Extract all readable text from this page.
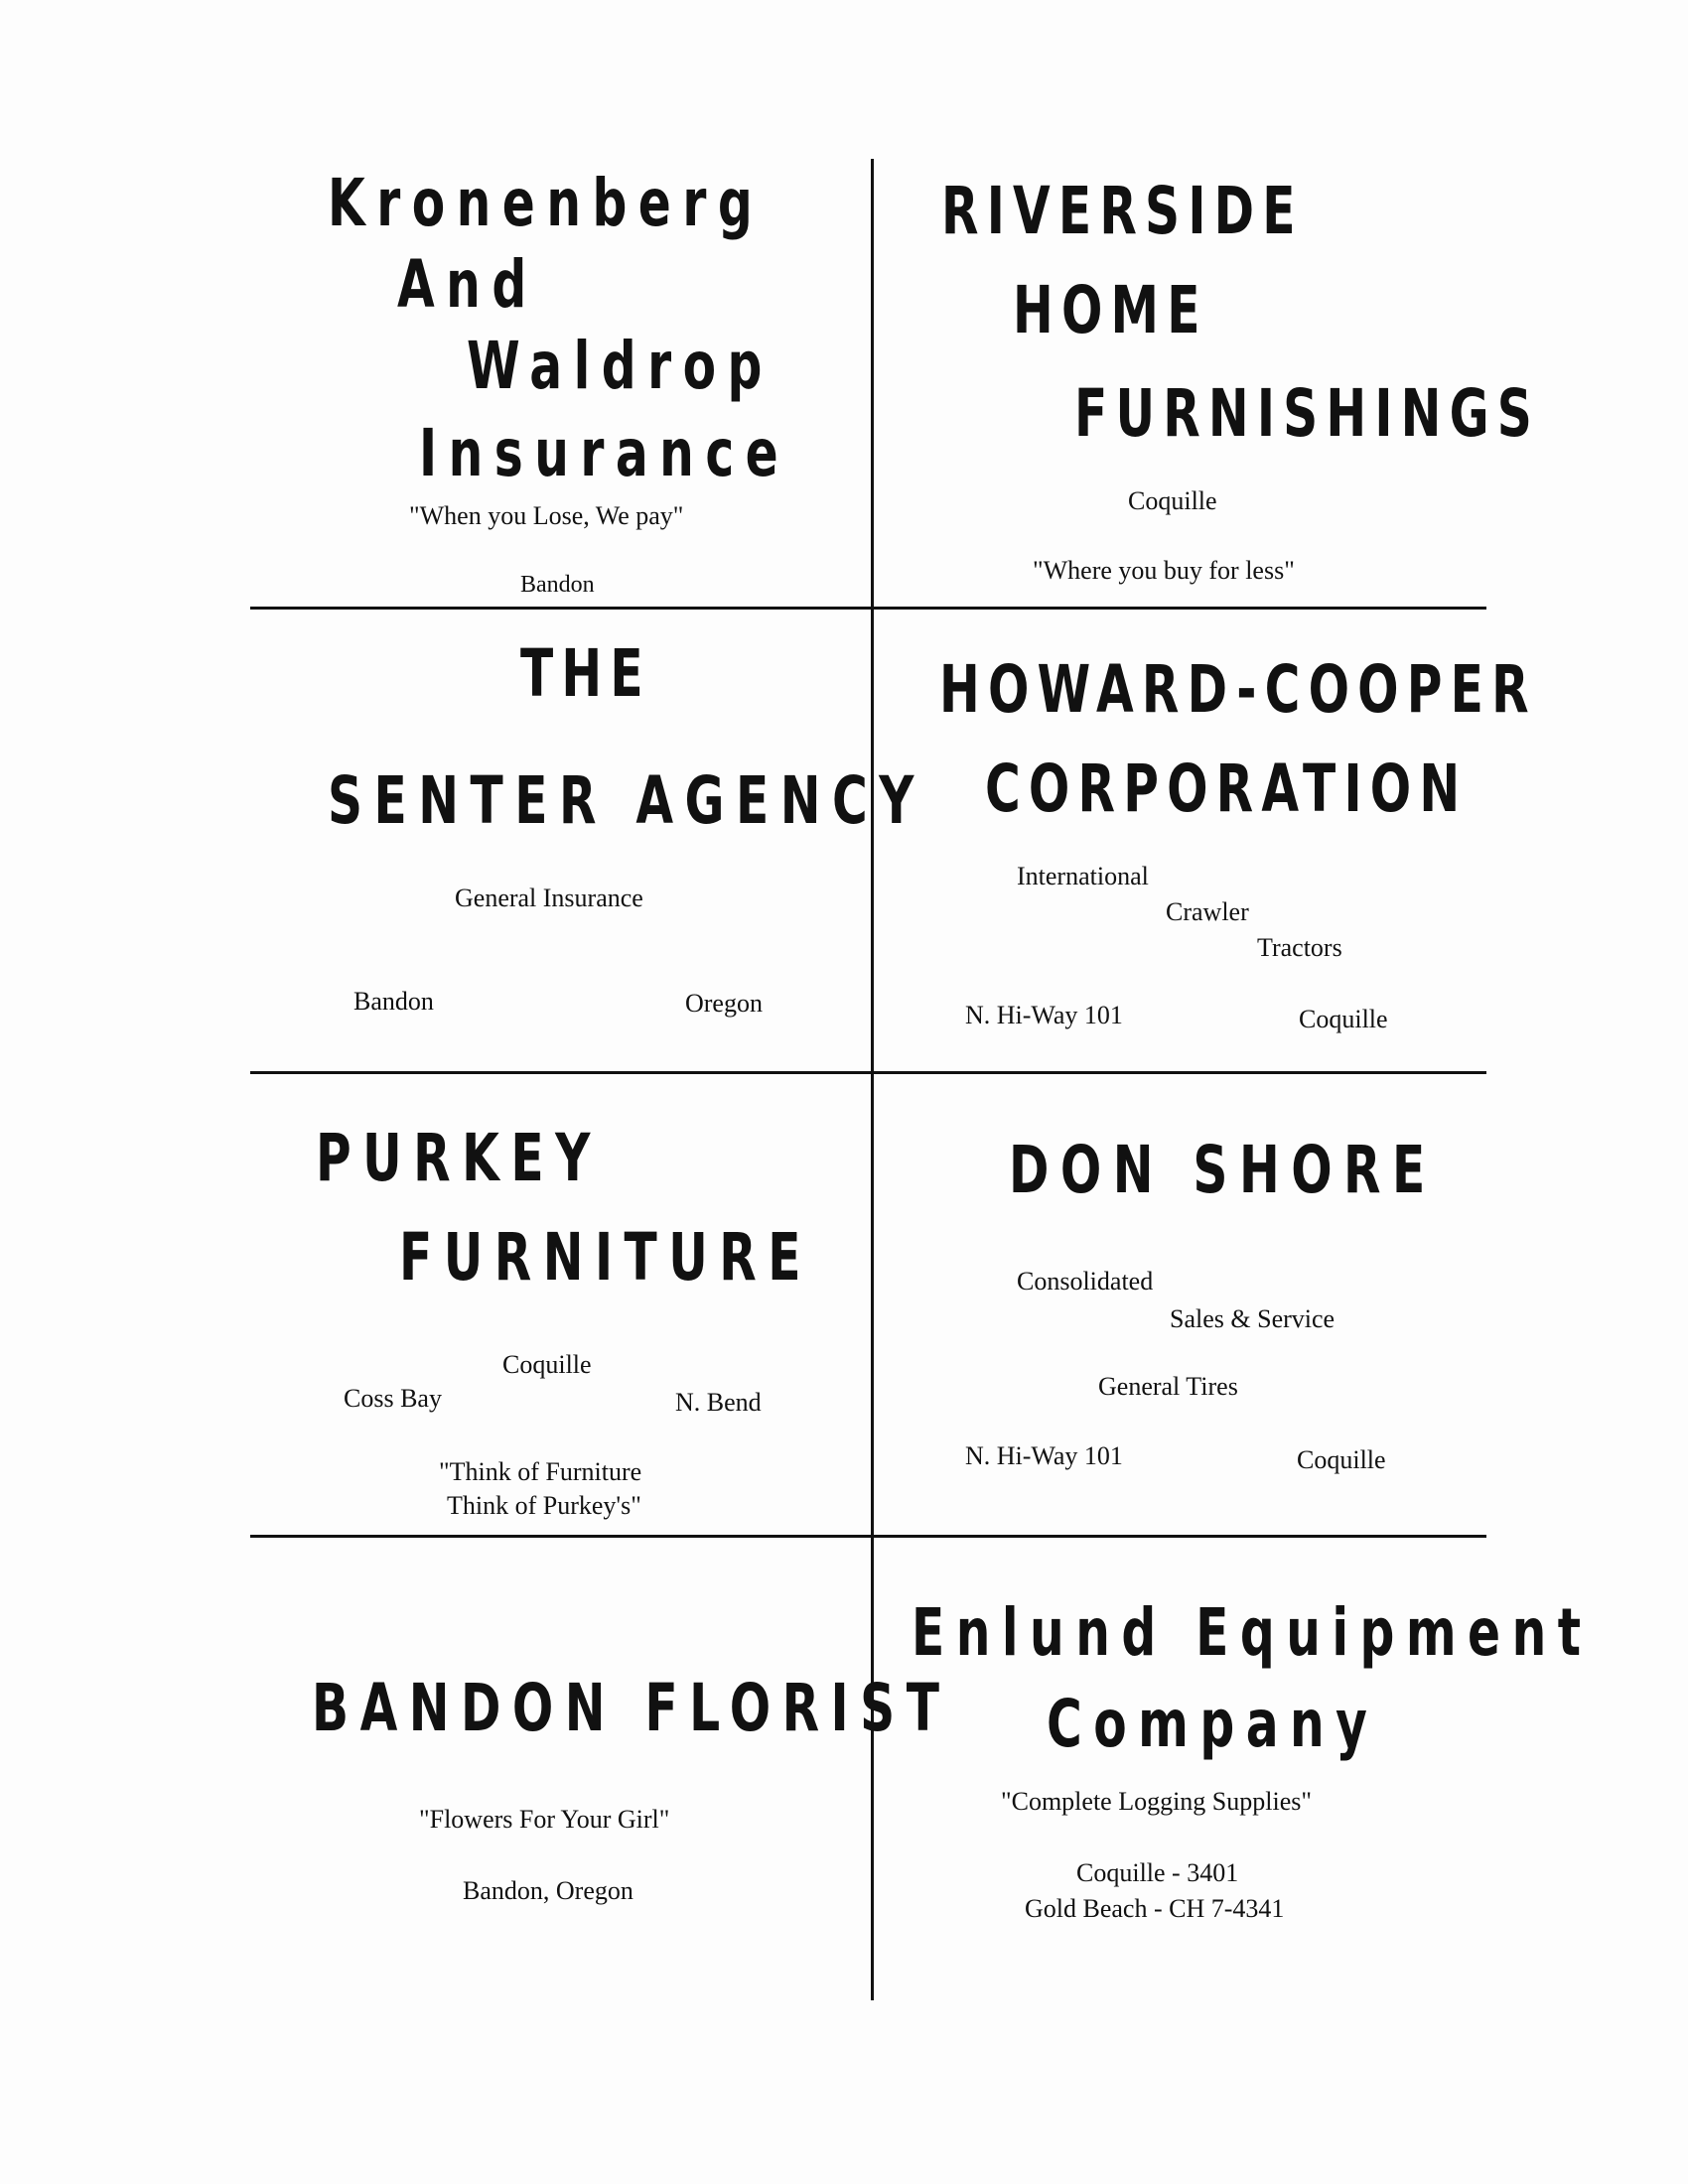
Kronenberg
And
Waldrop
Insurance
"When you Lose, We pay"
Bandon
RIVERSIDE
HOME
FURNISHINGS
Coquille
"Where you buy for less"
THE
SENTER AGENCY
General Insurance
Bandon	Oregon
HOWARD-COOPER
CORPORATION
International
Crawler
Tractors
N. Hi-Way 101	Coquille
PURKEY
FURNITURE
Coquille
Coss Bay	N. Bend
"Think of Furniture
Think of Purkey's"
DON SHORE
Consolidated
Sales & Service
General Tires
N. Hi-Way 101	Coquille
BANDON FLORIST
"Flowers For Your Girl"
Bandon, Oregon
Enlund Equipment
Company
"Complete Logging Supplies"
Coquille - 3401
Gold Beach - CH 7-4341
